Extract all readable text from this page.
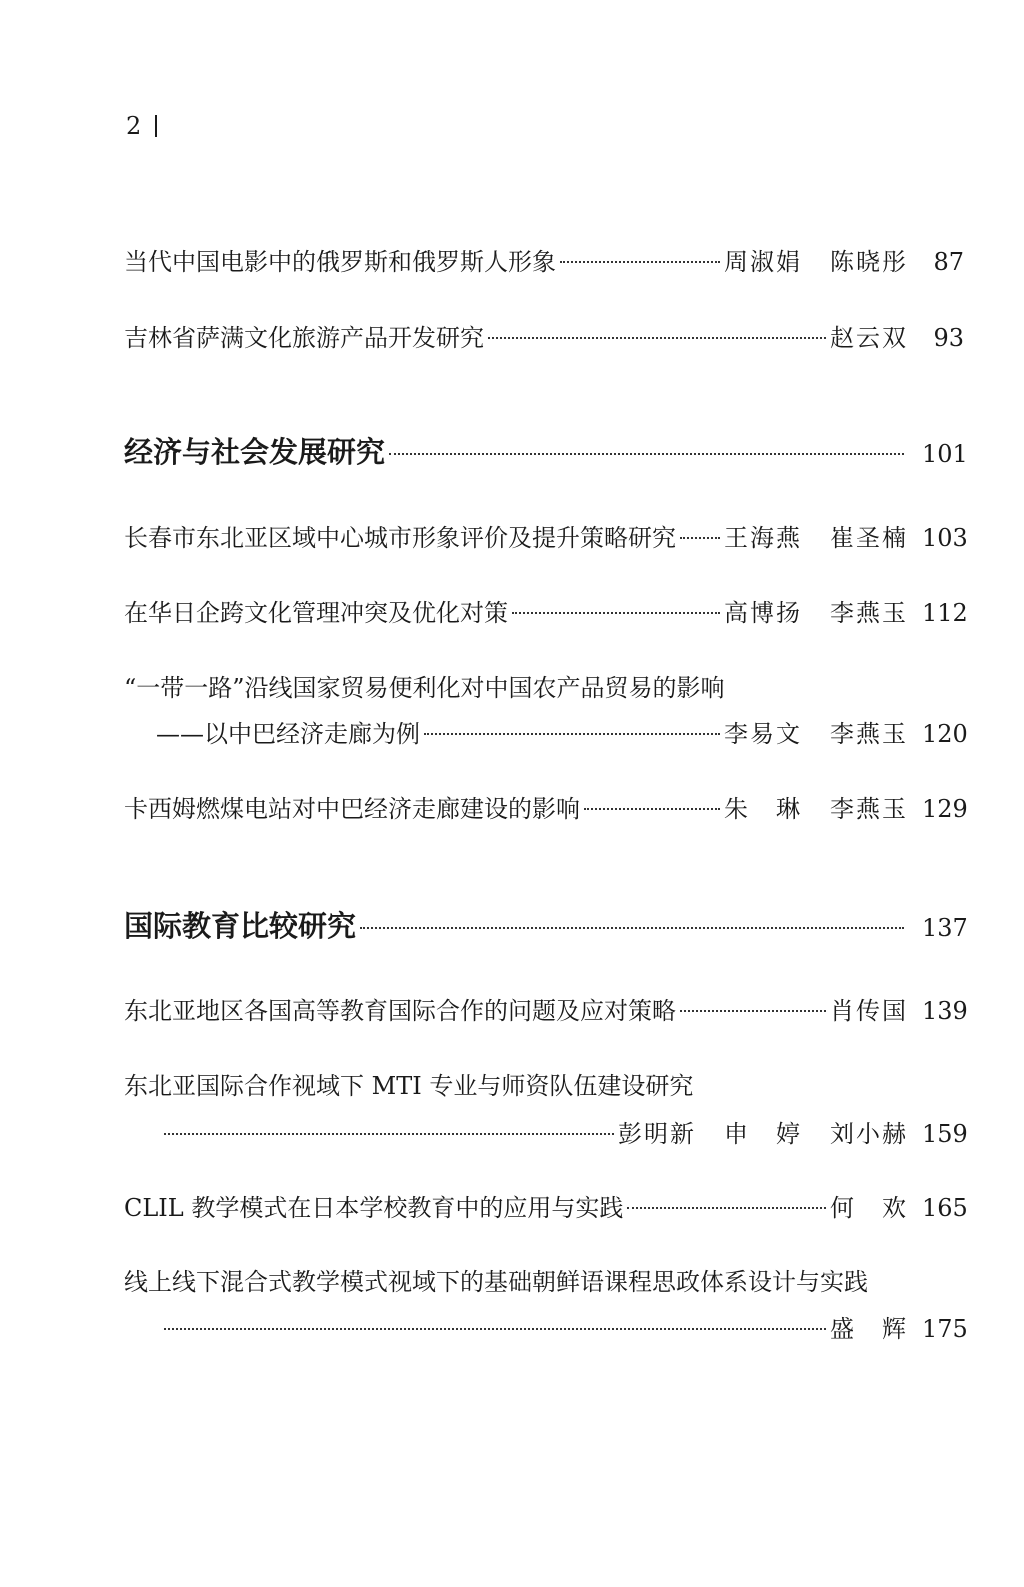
2
当代中国电影中的俄罗斯和俄罗斯人形象	周淑娟 陈晓彤	87
吉林省萨满文化旅游产品开发研究	赵云双	93
经济与社会发展研究	101
长春市东北亚区域中心城市形象评价及提升策略研究 王海燕 崔圣楠 103
在华日企跨文化管理冲突及优化对策	高博扬 李燕玉 112
“一带一路”沿线国家贸易便利化对中国农产品贸易的影响
——以中巴经济走廊为例	李易文 李燕玉 120
卡西姆燃煤电站对中巴经济走廊建设的影响	朱　琳 李燕玉 129
国际教育比较研究	137
东北亚地区各国高等教育国际合作的问题及应对策略	肖传国 139
东北亚国际合作视域下 MTI 专业与师资队伍建设研究
彭明新 申　婷 刘小赫 159
CLIL 教学模式在日本学校教育中的应用与实践	何　欢 165
线上线下混合式教学模式视域下的基础朝鲜语课程思政体系设计与实践
盛　辉 175
